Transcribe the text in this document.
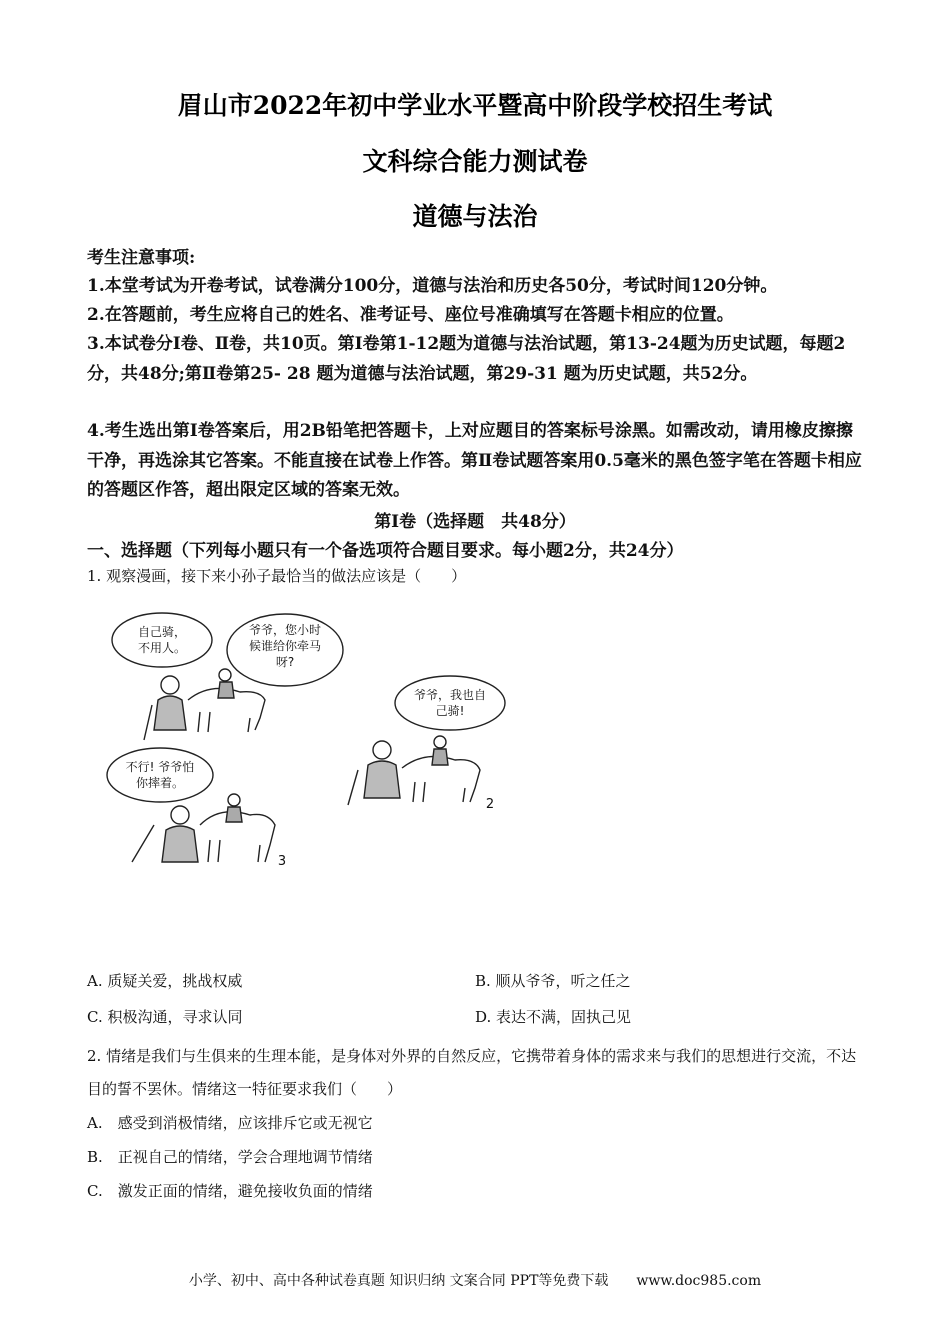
眉山市2022年初中学业水平暨高中阶段学校招生考试
文科综合能力测试卷
道德与法治
考生注意事项:
1.本堂考试为开卷考试，试卷满分100分，道德与法治和历史各50分，考试时间120分钟。
2.在答题前，考生应将自己的姓名、准考证号、座位号准确填写在答题卡相应的位置。
3.本试卷分Ⅰ卷、Ⅱ卷，共10页。第Ⅰ卷第1-12题为道德与法治试题，第13-24题为历史试题，每题2分，共48分;第Ⅱ卷第25- 28 题为道德与法治试题，第29-31 题为历史试题，共52分。
4.考生选出第Ⅰ卷答案后，用2B铅笔把答题卡，上对应题目的答案标号涂黑。如需改动，请用橡皮擦擦干净，再选涂其它答案。不能直接在试卷上作答。第Ⅱ卷试题答案用0.5毫米的黑色签字笔在答题卡相应的答题区作答，超出限定区域的答案无效。
第Ⅰ卷（选择题　共48分）
一、选择题（下列每小题只有一个备选项符合题目要求。每小题2分，共24分）
1. 观察漫画，接下来小孙子最恰当的做法应该是（　　）
自己骑，
不用人。
爷爷，您小时
候谁给你牵马
呀?
不行! 爷爷怕
你摔着。
3
爷爷，我也自
己骑!
2
A. 质疑关爱，挑战权威	B. 顺从爷爷，听之任之
C. 积极沟通，寻求认同	D. 表达不满，固执己见
2. 情绪是我们与生俱来的生理本能，是身体对外界的自然反应，它携带着身体的需求来与我们的思想进行交流，不达目的誓不罢休。情绪这一特征要求我们（　　）
A.　感受到消极情绪，应该排斥它或无视它
B.　正视自己的情绪，学会合理地调节情绪
C.　激发正面的情绪，避免接收负面的情绪
小学、初中、高中各种试卷真题 知识归纳 文案合同 PPT等免费下载　　www.doc985.com
